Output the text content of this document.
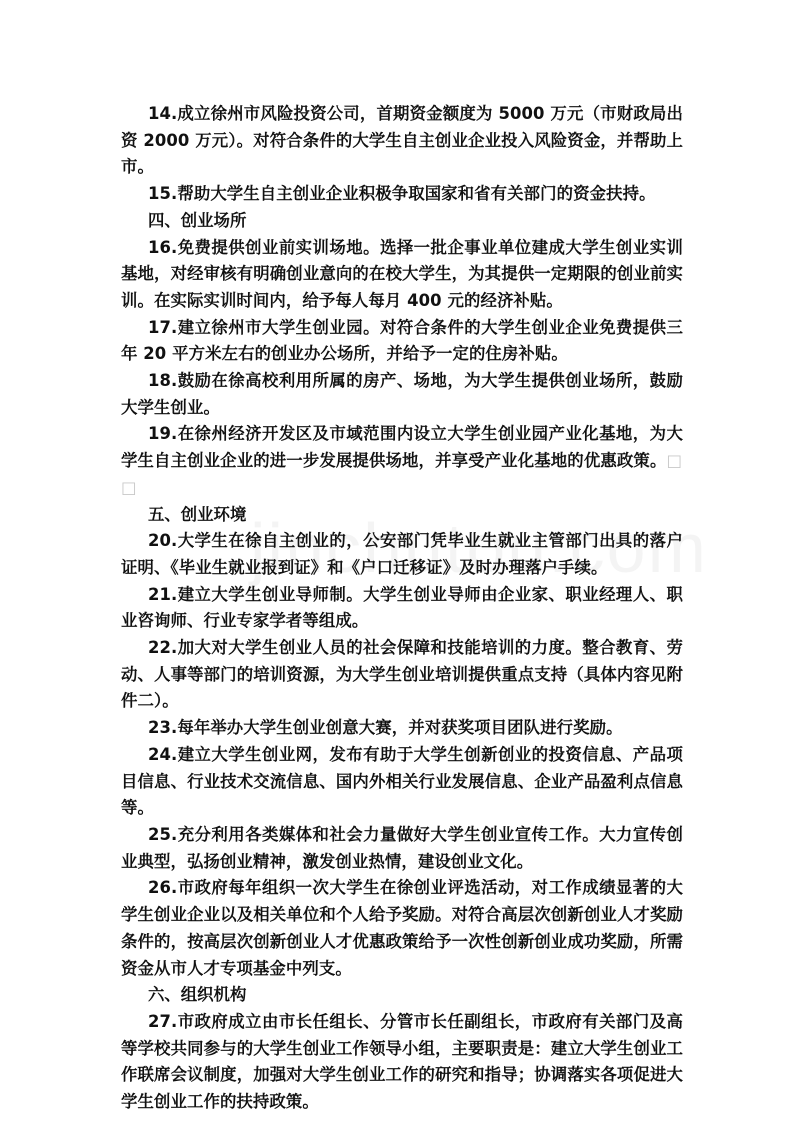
14.成立徐州市风险投资公司，首期资金额度为 5000 万元（市财政局出资 2000 万元）。对符合条件的大学生自主创业企业投入风险资金，并帮助上市。

15.帮助大学生自主创业企业积极争取国家和省有关部门的资金扶持。

四、创业场所

16.免费提供创业前实训场地。选择一批企事业单位建成大学生创业实训基地，对经审核有明确创业意向的在校大学生，为其提供一定期限的创业前实训。在实际实训时间内，给予每人每月 400 元的经济补贴。

17.建立徐州市大学生创业园。对符合条件的大学生创业企业免费提供三年 20 平方米左右的创业办公场所，并给予一定的住房补贴。

18.鼓励在徐高校利用所属的房产、场地，为大学生提供创业场所，鼓励大学生创业。

19.在徐州经济开发区及市域范围内设立大学生创业园产业化基地，为大学生自主创业企业的进一步发展提供场地，并享受产业化基地的优惠政策。□□

五、创业环境

20.大学生在徐自主创业的，公安部门凭毕业生就业主管部门出具的落户证明、《毕业生就业报到证》和《户口迁移证》及时办理落户手续。

21.建立大学生创业导师制。大学生创业导师由企业家、职业经理人、职业咨询师、行业专家学者等组成。

22.加大对大学生创业人员的社会保障和技能培训的力度。整合教育、劳动、人事等部门的培训资源，为大学生创业培训提供重点支持（具体内容见附件二）。

23.每年举办大学生创业创意大赛，并对获奖项目团队进行奖励。

24.建立大学生创业网，发布有助于大学生创新创业的投资信息、产品项目信息、行业技术交流信息、国内外相关行业发展信息、企业产品盈利点信息等。

25.充分利用各类媒体和社会力量做好大学生创业宣传工作。大力宣传创业典型，弘扬创业精神，激发创业热情，建设创业文化。

26.市政府每年组织一次大学生在徐创业评选活动，对工作成绩显著的大学生创业企业以及相关单位和个人给予奖励。对符合高层次创新创业人才奖励条件的，按高层次创新创业人才优惠政策给予一次性创新创业成功奖励，所需资金从市人才专项基金中列支。

六、组织机构

27.市政府成立由市长任组长、分管市长任副组长，市政府有关部门及高等学校共同参与的大学生创业工作领导小组，主要职责是：建立大学生创业工作联席会议制度，加强对大学生创业工作的研究和指导；协调落实各项促进大学生创业工作的扶持政策。
